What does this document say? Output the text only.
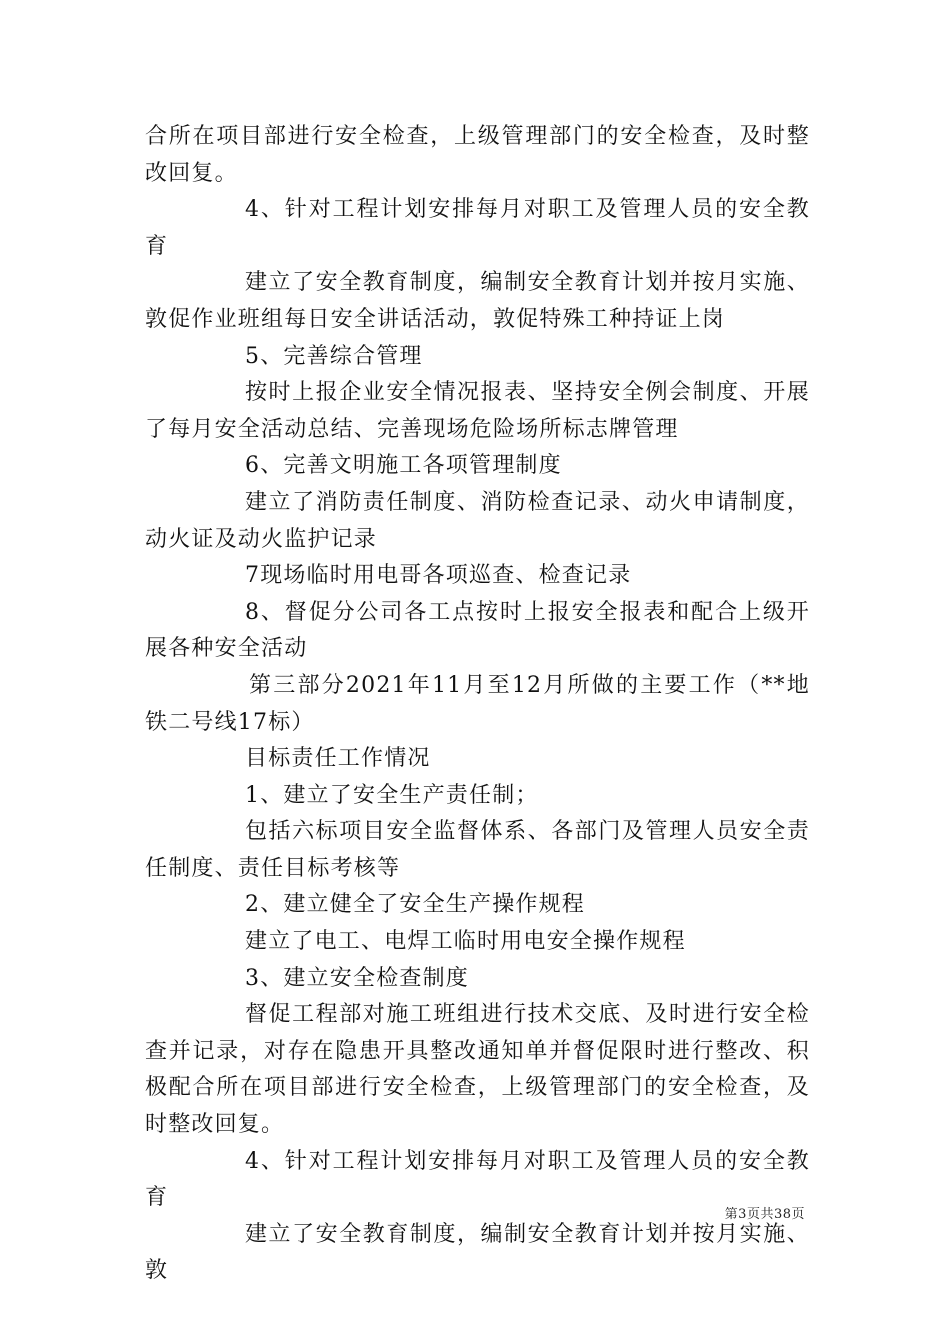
合所在项目部进行安全检查，上级管理部门的安全检查，及时整改回复。

4、针对工程计划安排每月对职工及管理人员的安全教育

建立了安全教育制度，编制安全教育计划并按月实施、敦促作业班组每日安全讲话活动，敦促特殊工种持证上岗

5、完善综合管理

按时上报企业安全情况报表、坚持安全例会制度、开展了每月安全活动总结、完善现场危险场所标志牌管理

6、完善文明施工各项管理制度

建立了消防责任制度、消防检查记录、动火申请制度，动火证及动火监护记录

7现场临时用电哥各项巡查、检查记录

8、督促分公司各工点按时上报安全报表和配合上级开展各种安全活动

第三部分2021年11月至12月所做的主要工作（**地铁二号线17标）

目标责任工作情况

1、建立了安全生产责任制；

包括六标项目安全监督体系、各部门及管理人员安全责任制度、责任目标考核等

2、建立健全了安全生产操作规程

建立了电工、电焊工临时用电安全操作规程

3、建立安全检查制度

督促工程部对施工班组进行技术交底、及时进行安全检查并记录，对存在隐患开具整改通知单并督促限时进行整改、积极配合所在项目部进行安全检查，上级管理部门的安全检查，及时整改回复。

4、针对工程计划安排每月对职工及管理人员的安全教育

建立了安全教育制度，编制安全教育计划并按月实施、敦

第3页共38页
